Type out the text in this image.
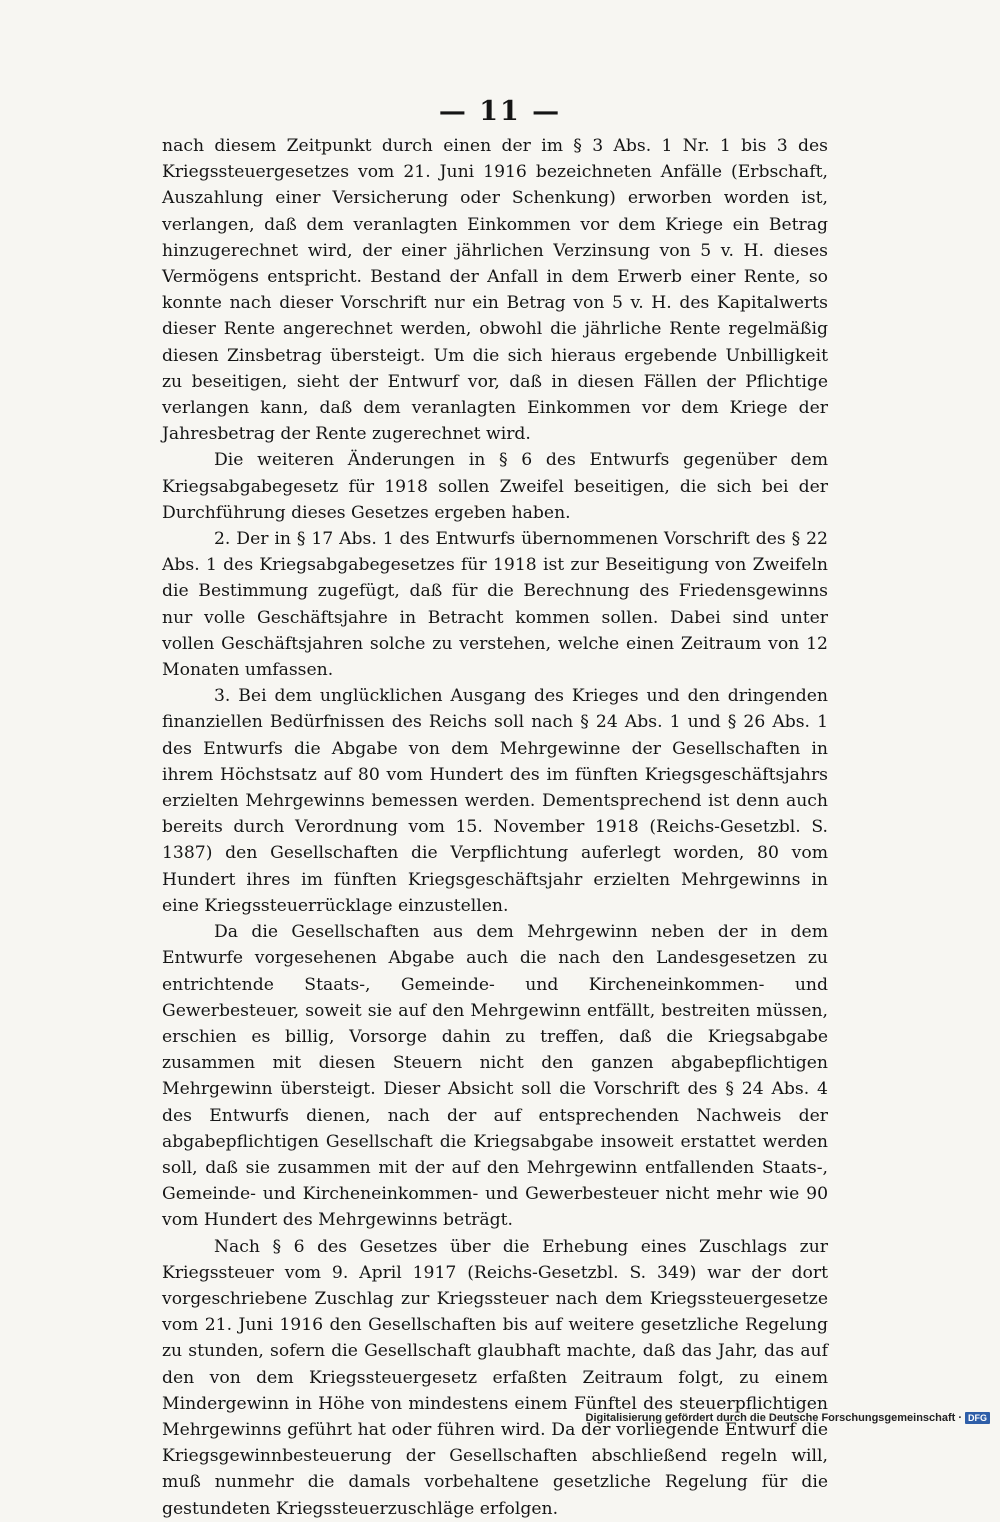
— 11 —

nach diesem Zeitpunkt durch einen der im § 3 Abs. 1 Nr. 1 bis 3 des Kriegssteuergesetzes vom 21. Juni 1916 bezeichneten Anfälle (Erbschaft, Auszahlung einer Versicherung oder Schenkung) erworben worden ist, verlangen, daß dem veranlagten Einkommen vor dem Kriege ein Betrag hinzugerechnet wird, der einer jährlichen Verzinsung von 5 v. H. dieses Vermögens entspricht. Bestand der Anfall in dem Erwerb einer Rente, so konnte nach dieser Vorschrift nur ein Betrag von 5 v. H. des Kapitalwerts dieser Rente angerechnet werden, obwohl die jährliche Rente regelmäßig diesen Zinsbetrag übersteigt. Um die sich hieraus ergebende Unbilligkeit zu beseitigen, sieht der Entwurf vor, daß in diesen Fällen der Pflichtige verlangen kann, daß dem veranlagten Einkommen vor dem Kriege der Jahresbetrag der Rente zugerechnet wird.

Die weiteren Änderungen in § 6 des Entwurfs gegenüber dem Kriegsabgabegesetz für 1918 sollen Zweifel beseitigen, die sich bei der Durchführung dieses Gesetzes ergeben haben.

2. Der in § 17 Abs. 1 des Entwurfs übernommenen Vorschrift des § 22 Abs. 1 des Kriegsabgabegesetzes für 1918 ist zur Beseitigung von Zweifeln die Bestimmung zugefügt, daß für die Berechnung des Friedensgewinns nur volle Geschäftsjahre in Betracht kommen sollen. Dabei sind unter vollen Geschäftsjahren solche zu verstehen, welche einen Zeitraum von 12 Monaten umfassen.

3. Bei dem unglücklichen Ausgang des Krieges und den dringenden finanziellen Bedürfnissen des Reichs soll nach § 24 Abs. 1 und § 26 Abs. 1 des Entwurfs die Abgabe von dem Mehrgewinne der Gesellschaften in ihrem Höchstsatz auf 80 vom Hundert des im fünften Kriegsgeschäftsjahrs erzielten Mehrgewinns bemessen werden. Dementsprechend ist denn auch bereits durch Verordnung vom 15. November 1918 (Reichs-Gesetzbl. S. 1387) den Gesellschaften die Verpflichtung auferlegt worden, 80 vom Hundert ihres im fünften Kriegsgeschäftsjahr erzielten Mehrgewinns in eine Kriegssteuerrücklage einzustellen.

Da die Gesellschaften aus dem Mehrgewinn neben der in dem Entwurfe vorgesehenen Abgabe auch die nach den Landesgesetzen zu entrichtende Staats-, Gemeinde- und Kircheneinkommen- und Gewerbesteuer, soweit sie auf den Mehrgewinn entfällt, bestreiten müssen, erschien es billig, Vorsorge dahin zu treffen, daß die Kriegsabgabe zusammen mit diesen Steuern nicht den ganzen abgabepflichtigen Mehrgewinn übersteigt. Dieser Absicht soll die Vorschrift des § 24 Abs. 4 des Entwurfs dienen, nach der auf entsprechenden Nachweis der abgabepflichtigen Gesellschaft die Kriegsabgabe insoweit erstattet werden soll, daß sie zusammen mit der auf den Mehrgewinn entfallenden Staats-, Gemeinde- und Kircheneinkommen- und Gewerbesteuer nicht mehr wie 90 vom Hundert des Mehrgewinns beträgt.

Nach § 6 des Gesetzes über die Erhebung eines Zuschlags zur Kriegssteuer vom 9. April 1917 (Reichs-Gesetzbl. S. 349) war der dort vorgeschriebene Zuschlag zur Kriegssteuer nach dem Kriegssteuergesetze vom 21. Juni 1916 den Gesellschaften bis auf weitere gesetzliche Regelung zu stunden, sofern die Gesellschaft glaubhaft machte, daß das Jahr, das auf den von dem Kriegssteuergesetz erfaßten Zeitraum folgt, zu einem Mindergewinn in Höhe von mindestens einem Fünftel des steuerpflichtigen Mehrgewinns geführt hat oder führen wird. Da der vorliegende Entwurf die Kriegsgewinnbesteuerung der Gesellschaften abschließend regeln will, muß nunmehr die damals vorbehaltene gesetzliche Regelung für die gestundeten Kriegssteuerzuschläge erfolgen.

Digitalisierung gefördert durch die Deutsche Forschungsgemeinschaft · DFG
